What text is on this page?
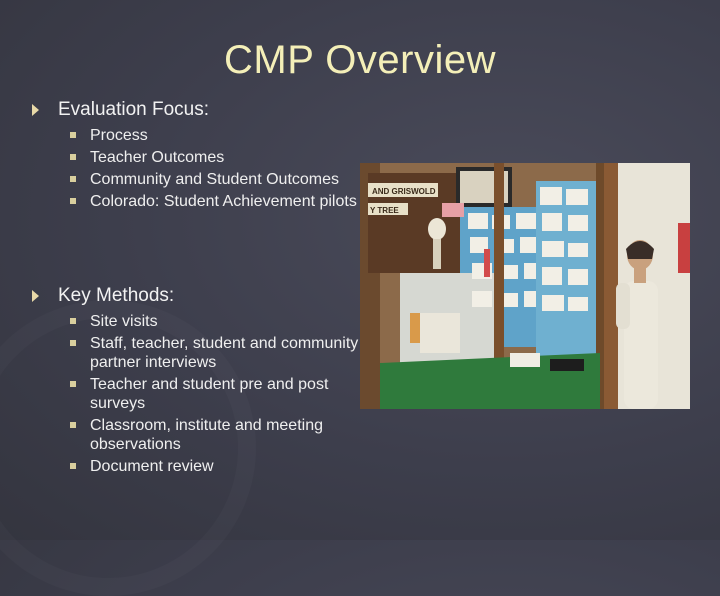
CMP Overview
Evaluation Focus:
Process
Teacher Outcomes
Community and Student Outcomes
Colorado: Student Achievement pilots
Key Methods:
Site visits
Staff, teacher, student and community partner interviews
Teacher and student pre and post surveys
Classroom, institute and meeting observations
Document review
AND GRISWOLD
Y TREE
